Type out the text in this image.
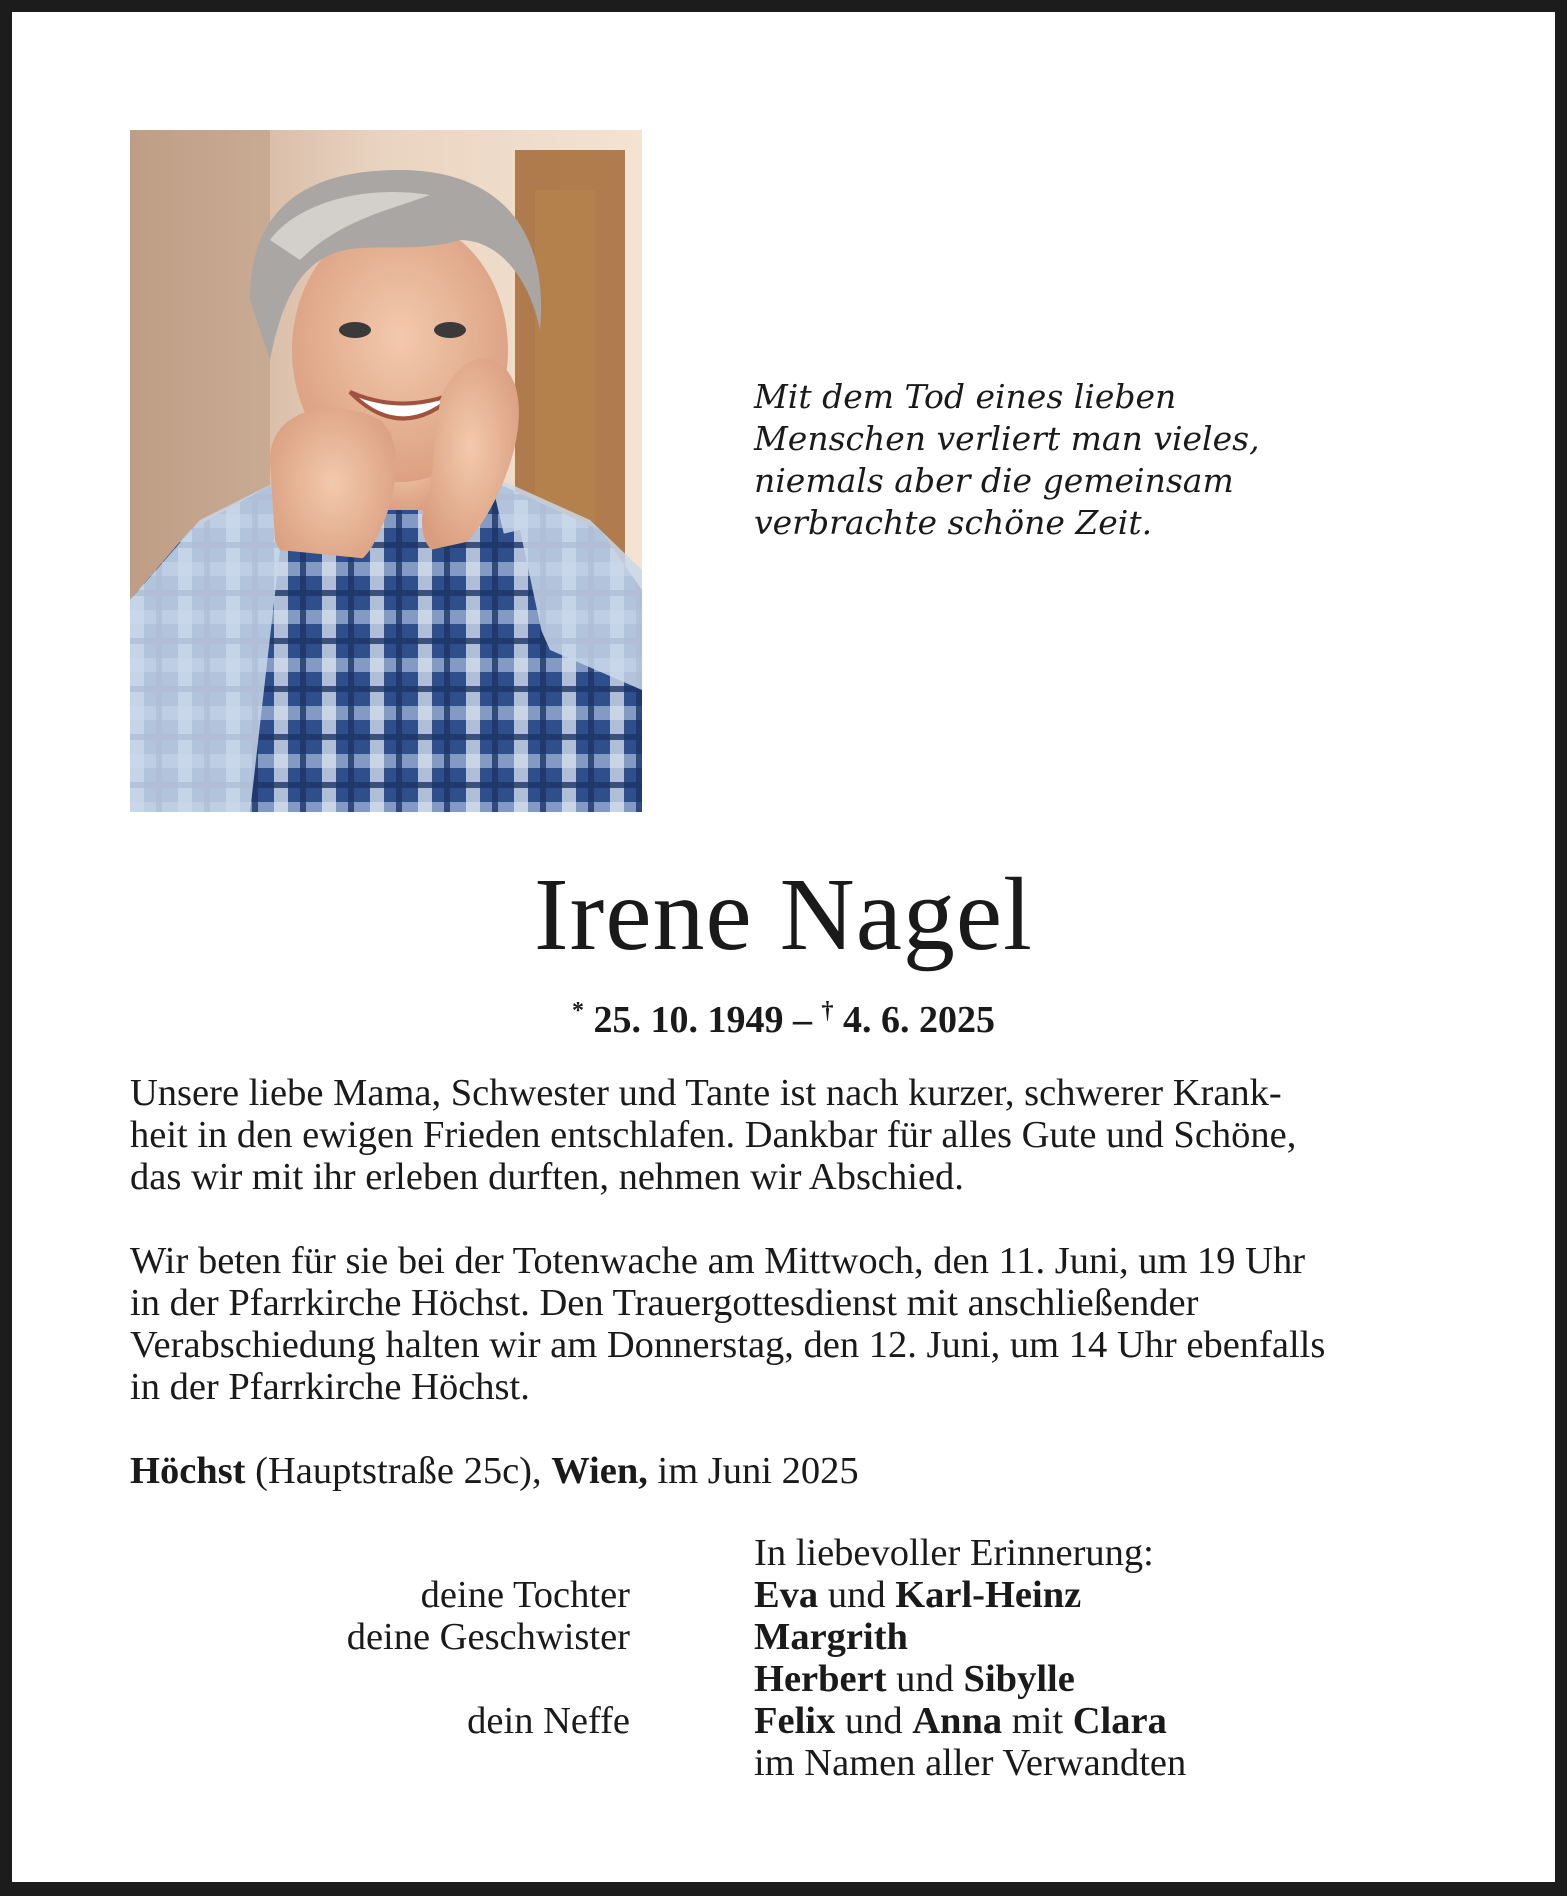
Mit dem Tod eines lieben
Menschen verliert man vieles,
niemals aber die gemeinsam
verbrachte schöne Zeit.
Irene Nagel
* 25. 10. 1949 – † 4. 6. 2025
Unsere liebe Mama, Schwester und Tante ist nach kurzer, schwerer Krank-
heit in den ewigen Frieden entschlafen. Dankbar für alles Gute und Schöne,
das wir mit ihr erleben durften, nehmen wir Abschied.
Wir beten für sie bei der Totenwache am Mittwoch, den 11. Juni, um 19 Uhr
in der Pfarrkirche Höchst. Den Trauergottesdienst mit anschließender
Verabschiedung halten wir am Donnerstag, den 12. Juni, um 14 Uhr ebenfalls
in der Pfarrkirche Höchst.
Höchst (Hauptstraße 25c), Wien, im Juni 2025
In liebevoller Erinnerung:
deine Tochter	Eva und Karl-Heinz
deine Geschwister	Margrith
Herbert und Sibylle
dein Neffe	Felix und Anna mit Clara
im Namen aller Verwandten
